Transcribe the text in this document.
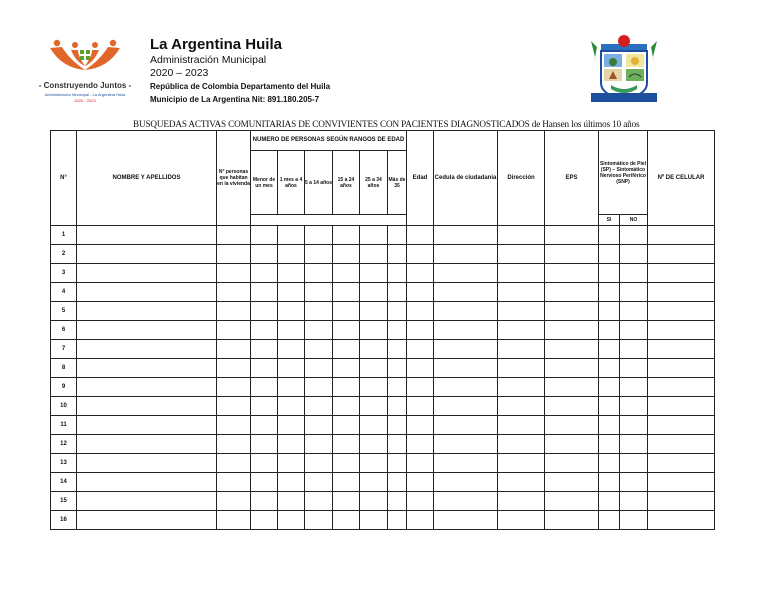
- Construyendo Juntos -
Administración Municipal - La Argentina Huila
2020 - 2023
La Argentina Huila
Administración Municipal
2020 – 2023
República de Colombia Departamento del Huila
Municipio de La Argentina Nit: 891.180.205-7
BUSQUEDAS ACTIVAS COMUNITARIAS DE CONVIVIENTES CON PACIENTES DIAGNOSTICADOS de Hansen los últimos 10 años
N°	NOMBRE Y APELLIDOS	N° personas que habitan en la vivienda	NUMERO DE PERSONAS SEGÚN RANGOS DE EDAD						Edad	Cedula de ciudadania	Dirección	EPS	Sintomático de Piel (SP) – Sintomático Nervioso Periférico (SNP)		Nº DE CELULAR
			Menor de un mes	1 mes a 4 años	5 a 14 años	15 a 24 años	25 a 34 años	Más de 35							
													SI	NO	
1															
2															
3															
4															
5															
6															
7															
8															
9															
10															
11															
12															
13															
14															
15															
16															
